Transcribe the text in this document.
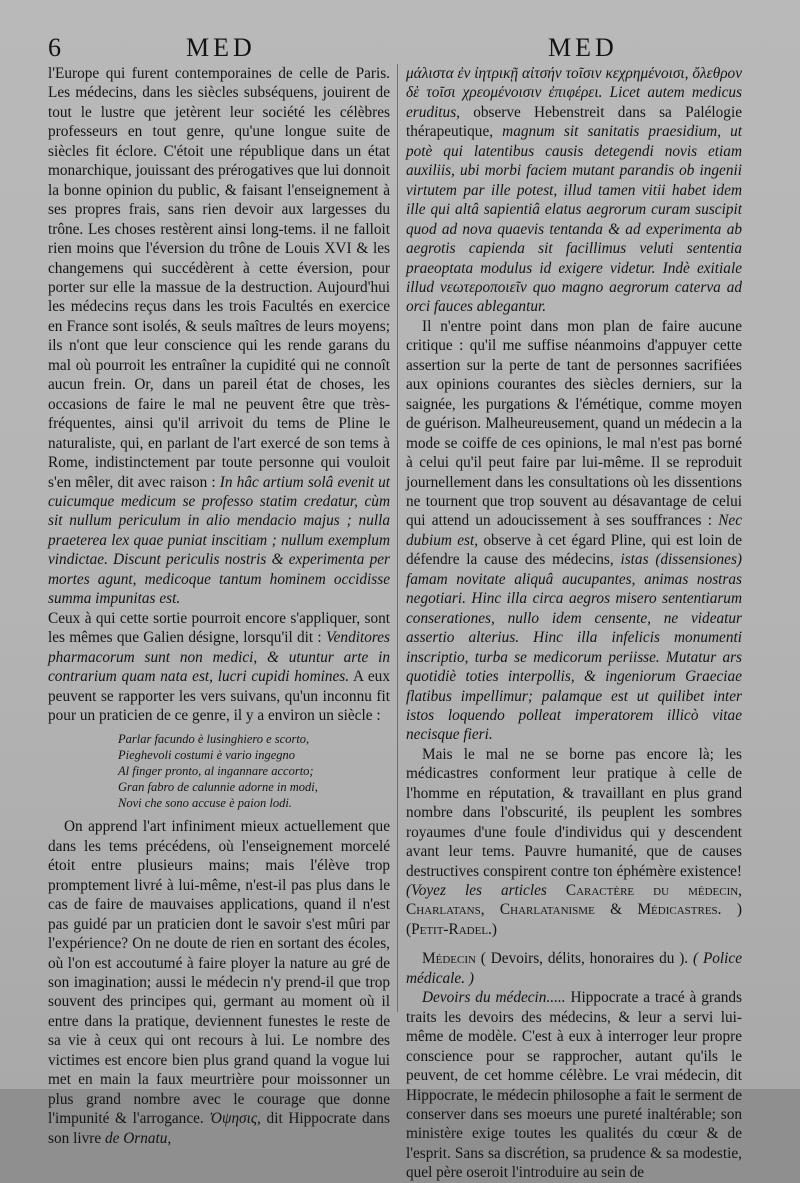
6	MED	MED

l'Europe qui furent contemporaines de celle de Paris. Les médecins, dans les siècles subséquens, jouirent de tout le lustre que jetèrent leur société les célèbres professeurs en tout genre, qu'une longue suite de siècles fit éclore. C'étoit une république dans un état monarchique, jouissant des prérogatives que lui donnoit la bonne opinion du public, & faisant l'enseignement à ses propres frais, sans rien devoir aux largesses du trône. Les choses restèrent ainsi long-tems. il ne falloit rien moins que l'éversion du trône de Louis XVI & les changemens qui succédèrent à cette éversion, pour porter sur elle la massue de la destruction. Aujourd'hui les médecins reçus dans les trois Facultés en exercice en France sont isolés, & seuls maîtres de leurs moyens; ils n'ont que leur conscience qui les rende garans du mal où pourroit les entraîner la cupidité qui ne connoît aucun frein. Or, dans un pareil état de choses, les occasions de faire le mal ne peuvent être que très-fréquentes, ainsi qu'il arrivoit du tems de Pline le naturaliste, qui, en parlant de l'art exercé de son tems à Rome, indistinctement par toute personne qui vouloit s'en mêler, dit avec raison : In hâc artium solâ evenit ut cuicumque medicum se professo statim credatur, cùm sit nullum periculum in alio mendacio majus ; nulla praeterea lex quae puniat inscitiam ; nullum exemplum vindictae. Discunt periculis nostris & experimenta per mortes agunt, medicoque tantum hominem occidisse summa impunitas est.

Ceux à qui cette sortie pourroit encore s'appliquer, sont les mêmes que Galien désigne, lorsqu'il dit : Venditores pharmacorum sunt non medici, & utuntur arte in contrarium quam nata est, lucri cupidi homines. A eux peuvent se rapporter les vers suivans, qu'un inconnu fit pour un praticien de ce genre, il y a environ un siècle :

Parlar facundo è lusinghiero e scorto,
Pieghevoli costumi è vario ingegno
Al finger pronto, al ingannare accorto;
Gran fabro de calunnie adorne in modi,
Novi che sono accuse è paion lodi.

On apprend l'art infiniment mieux actuellement que dans les tems précédens, où l'enseignement morcelé étoit entre plusieurs mains; mais l'élève trop promptement livré à lui-même, n'est-il pas plus dans le cas de faire de mauvaises applications, quand il n'est pas guidé par un praticien dont le savoir s'est mûri par l'expérience? On ne doute de rien en sortant des écoles, où l'on est accoutumé à faire ployer la nature au gré de son imagination; aussi le médecin n'y prend-il que trop souvent des principes qui, germant au moment où il entre dans la pratique, deviennent funestes le reste de sa vie à ceux qui ont recours à lui. Le nombre des victimes est encore bien plus grand quand la vogue lui met en main la faux meurtrière pour moissonner un plus grand nombre avec le courage que donne l'impunité & l'arrogance. Ὀψησις, dit Hippocrate dans son livre de Ornatu,

μάλιστα ἐν ἰητρικῇ αἰτσήν τοῖσιν κεχρημένοισι, ὄλεθρον δὲ τοῖσι χρεομένοισιν ἐπιφέρει. Licet autem medicus eruditus, observe Hebenstreit dans sa Palélogie thérapeutique, magnum sit sanitatis praesidium, ut potè qui latentibus causis detegendi novis etiam auxiliis, ubi morbi faciem mutant parandis ob ingenii virtutem par ille potest, illud tamen vitii habet idem ille qui altâ sapientiâ elatus aegrorum curam suscipit quod ad nova quaevis tentanda & ad experimenta ab aegrotis capienda sit facillimus veluti sententia praeoptata modulus id exigere videtur. Indè exitiale illud νεωτεροποιεῖν quo magno aegrorum caterva ad orci fauces ablegantur.

Il n'entre point dans mon plan de faire aucune critique : qu'il me suffise néanmoins d'appuyer cette assertion sur la perte de tant de personnes sacrifiées aux opinions courantes des siècles derniers, sur la saignée, les purgations & l'émétique, comme moyen de guérison. Malheureusement, quand un médecin a la mode se coiffe de ces opinions, le mal n'est pas borné à celui qu'il peut faire par lui-même. Il se reproduit journellement dans les consultations où les dissentions ne tournent que trop souvent au désavantage de celui qui attend un adoucissement à ses souffrances : Nec dubium est, observe à cet égard Pline, qui est loin de défendre la cause des médecins, istas (dissensiones) famam novitate aliquâ aucupantes, animas nostras negotiari. Hinc illa circa aegros misero sententiarum conserationes, nullo idem censente, ne videatur assertio alterius. Hinc illa infelicis monumenti inscriptio, turba se medicorum periisse. Mutatur ars quotidiè toties interpollis, & ingeniorum Graeciae flatibus impellimur; palamque est ut quilibet inter istos loquendo polleat imperatorem illicò vitae necisque fieri.

Mais le mal ne se borne pas encore là; les médicastres conforment leur pratique à celle de l'homme en réputation, & travaillant en plus grand nombre dans l'obscurité, ils peuplent les sombres royaumes d'une foule d'individus qui y descendent avant leur tems. Pauvre humanité, que de causes destructives conspirent contre ton éphémère existence! (Voyez les articles Caractère du médecin, Charlatans, Charlatanisme & Médicastres. ) (Petit-Radel.)

Médecin ( Devoirs, délits, honoraires du ). ( Police médicale. )

Devoirs du médecin..... Hippocrate a tracé à grands traits les devoirs des médecins, & leur a servi lui-même de modèle. C'est à eux à interroger leur propre conscience pour se rapprocher, autant qu'ils le peuvent, de cet homme célèbre. Le vrai médecin, dit Hippocrate, le médecin philosophe a fait le serment de conserver dans ses moeurs une pureté inaltérable; son ministère exige toutes les qualités du cœur & de l'esprit. Sans sa discrétion, sa prudence & sa modestie, quel père oseroit l'introduire au sein de
